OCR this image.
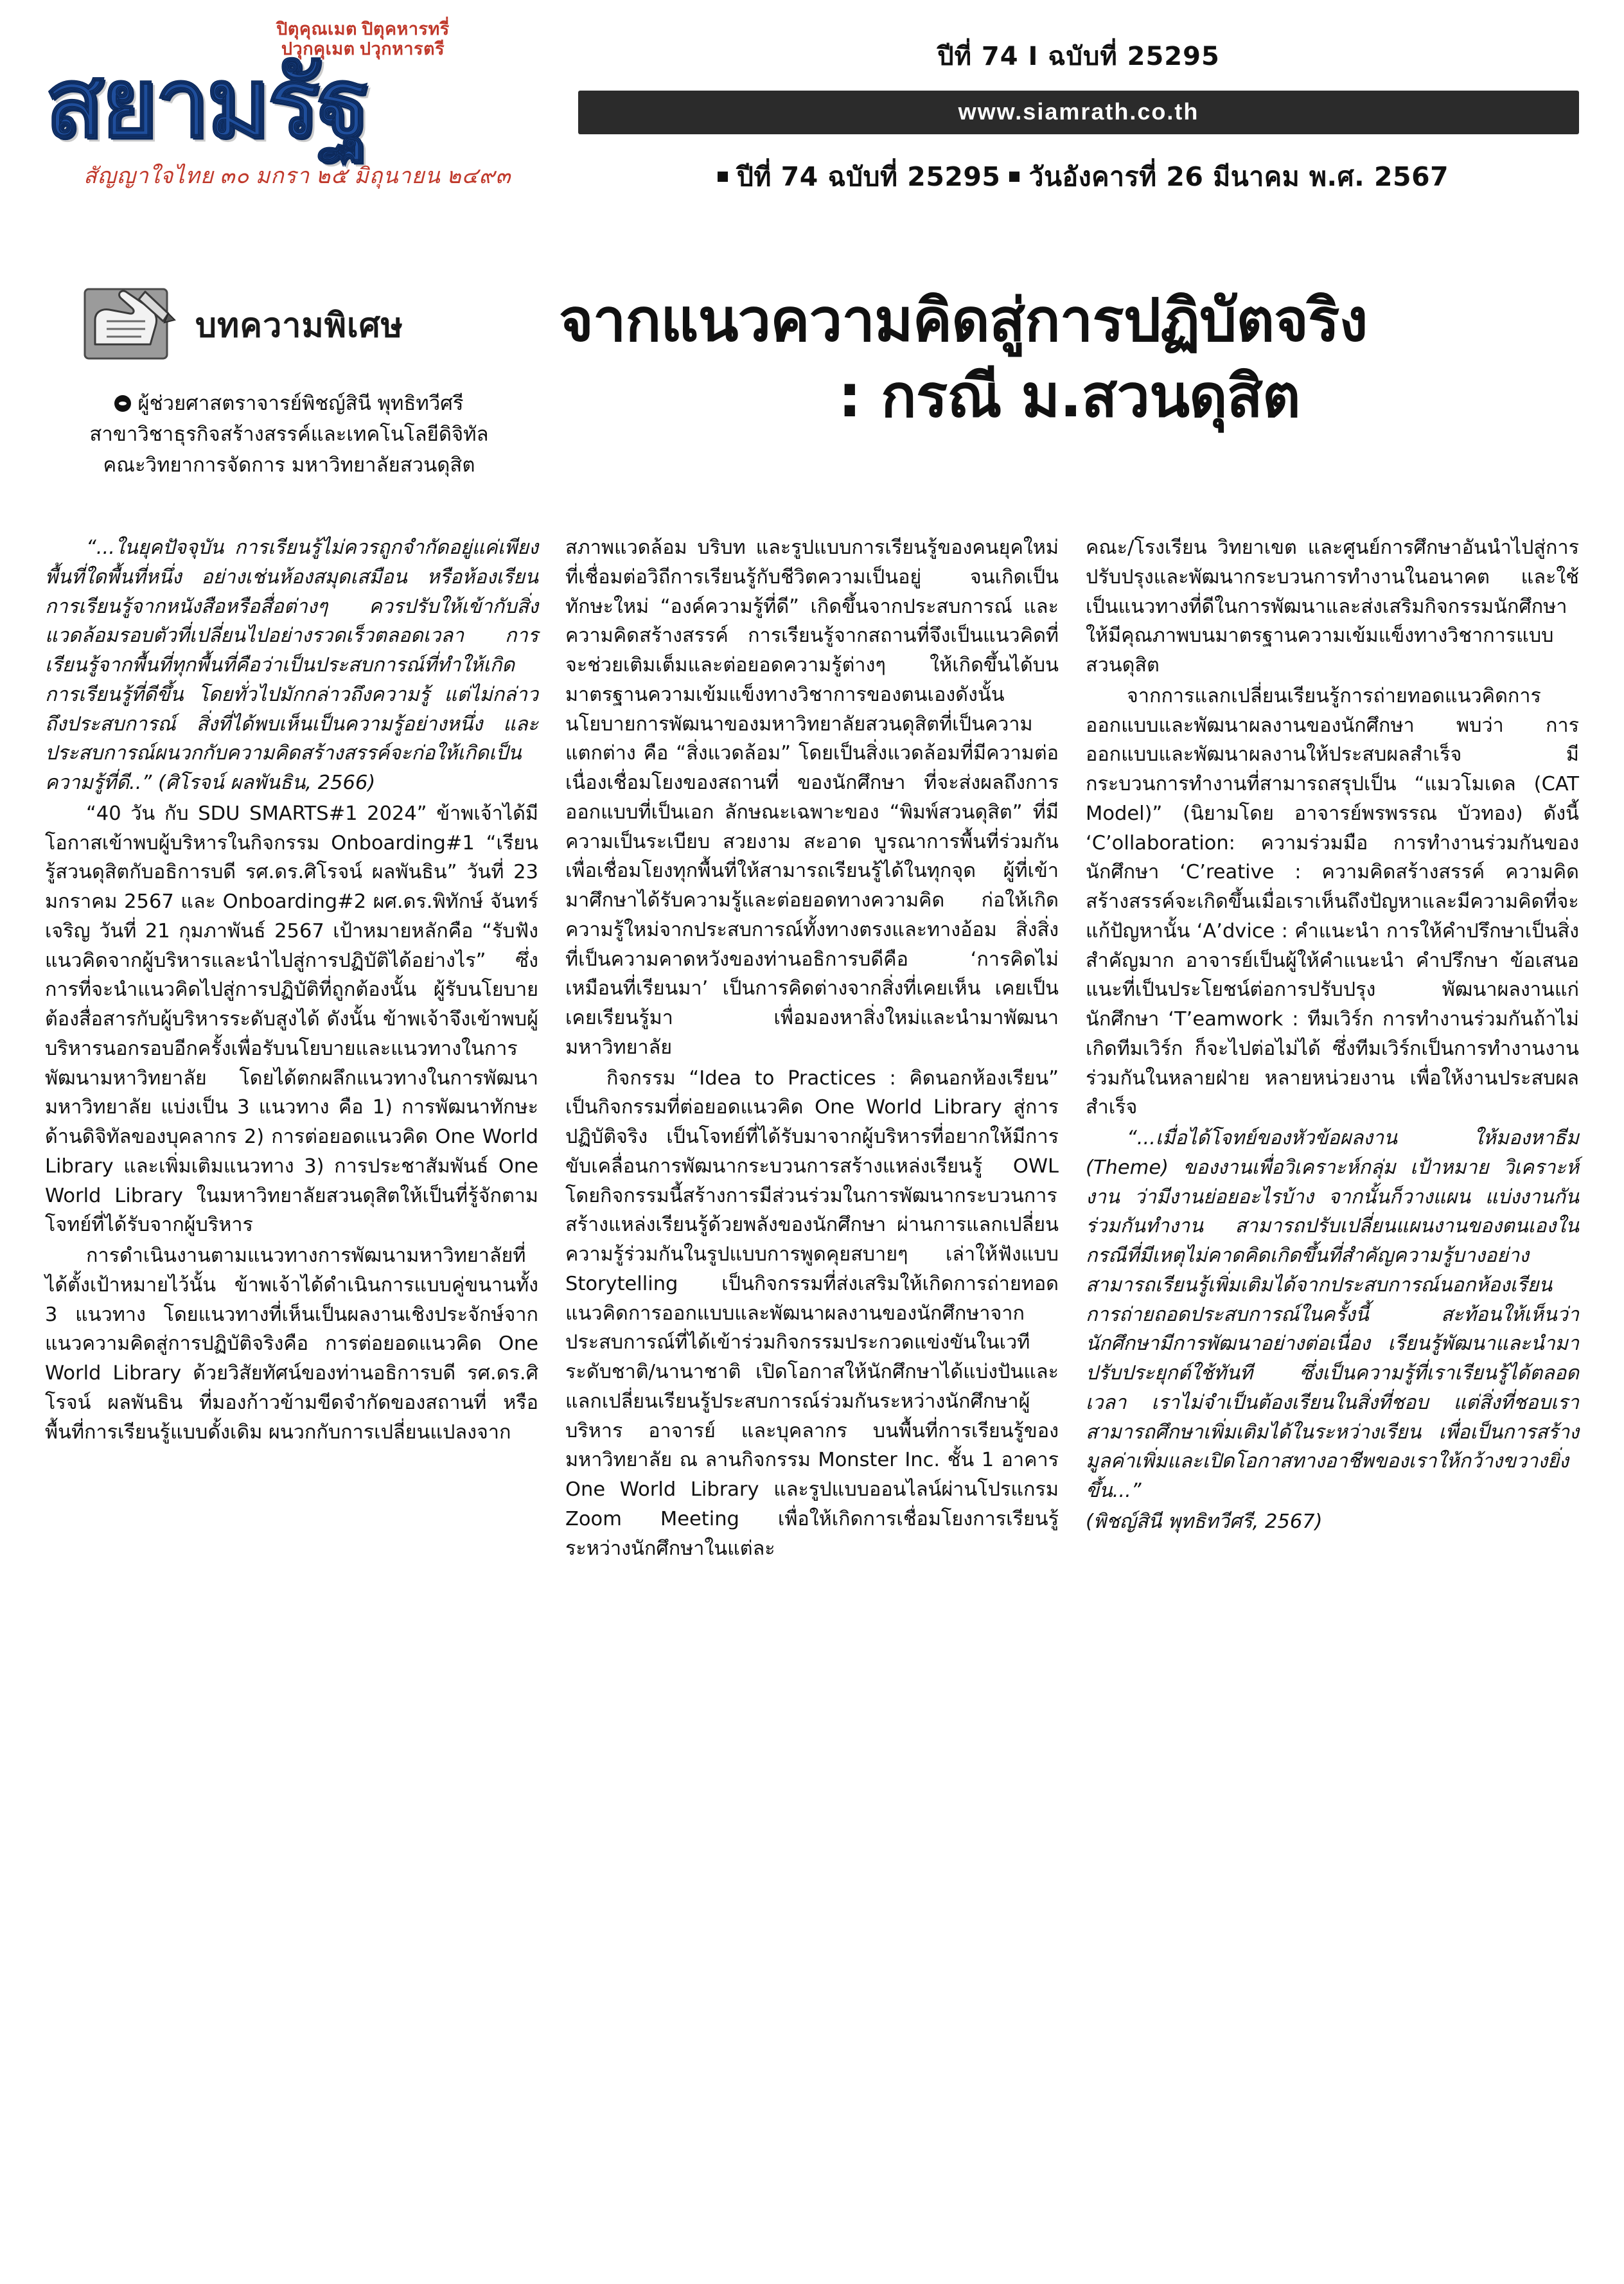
ปิตุคุณเมต ปิตุคหารทรี่
ปวุกคุเมต ปวุกหารตรี
สยามรัฐ
สัญญาใจไทย ๓๐ มกรา ๒๕ มิถุนายน ๒๔๙๓
ปีที่ 74 I ฉบับที่ 25295
www.siamrath.co.th
ปีที่ 74 ฉบับที่ 25295 วันอังคารที่ 26 มีนาคม พ.ศ. 2567
บทความพิเศษ
ผู้ช่วยศาสตราจารย์พิชญ์สินี พุทธิทวีศรี
สาขาวิชาธุรกิจสร้างสรรค์และเทคโนโลยีดิจิทัล
คณะวิทยาการจัดการ มหาวิทยาลัยสวนดุสิต
จากแนวความคิดสู่การปฏิบัตจริง
: กรณี ม.สวนดุสิต

“...ในยุคปัจจุบัน การเรียนรู้ไม่ควรถูกจำกัดอยู่แค่เพียงพื้นที่ใดพื้นที่หนึ่ง อย่างเช่นห้องสมุดเสมือน หรือห้องเรียน การเรียนรู้จากหนังสือหรือสื่อต่างๆ ควรปรับให้เข้ากับสิ่งแวดล้อมรอบตัวที่เปลี่ยนไปอย่างรวดเร็วตลอดเวลา การเรียนรู้จากพื้นที่ทุกพื้นที่คือว่าเป็นประสบการณ์ที่ทำให้เกิดการเรียนรู้ที่ดีขึ้น โดยทั่วไปมักกล่าวถึงความรู้ แต่ไม่กล่าวถึงประสบการณ์ สิ่งที่ได้พบเห็นเป็นความรู้อย่างหนึ่ง และประสบการณ์ผนวกกับความคิดสร้างสรรค์จะก่อให้เกิดเป็นความรู้ที่ดี..” (ศิโรจน์ ผลพันธิน, 2566)

“40 วัน กับ SDU SMARTS#1 2024” ข้าพเจ้าได้มีโอกาสเข้าพบผู้บริหารในกิจกรรม Onboarding#1 “เรียนรู้สวนดุสิตกับอธิการบดี รศ.ดร.ศิโรจน์ ผลพันธิน” วันที่ 23 มกราคม 2567 และ Onboarding#2 ผศ.ดร.พิทักษ์ จันทร์เจริญ วันที่ 21 กุมภาพันธ์ 2567 เป้าหมายหลักคือ “รับฟังแนวคิดจากผู้บริหารและนำไปสู่การปฏิบัติได้อย่างไร” ซึ่งการที่จะนำแนวคิดไปสู่การปฏิบัติที่ถูกต้องนั้น ผู้รับนโยบายต้องสื่อสารกับผู้บริหารระดับสูงได้ ดังนั้น ข้าพเจ้าจึงเข้าพบผู้บริหารนอกรอบอีกครั้งเพื่อรับนโยบายและแนวทางในการพัฒนามหาวิทยาลัย โดยได้ตกผลึกแนวทางในการพัฒนามหาวิทยาลัย แบ่งเป็น 3 แนวทาง คือ 1) การพัฒนาทักษะด้านดิจิทัลของบุคลากร 2) การต่อยอดแนวคิด One World Library และเพิ่มเติมแนวทาง 3) การประชาสัมพันธ์ One World Library ในมหาวิทยาลัยสวนดุสิตให้เป็นที่รู้จักตามโจทย์ที่ได้รับจากผู้บริหาร

การดำเนินงานตามแนวทางการพัฒนามหาวิทยาลัยที่ได้ตั้งเป้าหมายไว้นั้น ข้าพเจ้าได้ดำเนินการแบบคู่ขนานทั้ง 3 แนวทาง โดยแนวทางที่เห็นเป็นผลงานเชิงประจักษ์จากแนวความคิดสู่การปฏิบัติจริงคือ การต่อยอดแนวคิด One World Library ด้วยวิสัยทัศน์ของท่านอธิการบดี รศ.ดร.ศิโรจน์ ผลพันธิน ที่มองก้าวข้ามขีดจำกัดของสถานที่ หรือพื้นที่การเรียนรู้แบบดั้งเดิม ผนวกกับการเปลี่ยนแปลงจาก

สภาพแวดล้อม บริบท และรูปแบบการเรียนรู้ของคนยุคใหม่ ที่เชื่อมต่อวิถีการเรียนรู้กับชีวิตความเป็นอยู่ จนเกิดเป็นทักษะใหม่ “องค์ความรู้ที่ดี” เกิดขึ้นจากประสบการณ์ และความคิดสร้างสรรค์ การเรียนรู้จากสถานที่จึงเป็นแนวคิดที่จะช่วยเติมเต็มและต่อยอดความรู้ต่างๆ ให้เกิดขึ้นได้บนมาตรฐานความเข้มแข็งทางวิชาการของตนเองดังนั้นนโยบายการพัฒนาของมหาวิทยาลัยสวนดุสิตที่เป็นความแตกต่าง คือ “สิ่งแวดล้อม” โดยเป็นสิ่งแวดล้อมที่มีความต่อเนื่องเชื่อมโยงของสถานที่ ของนักศึกษา ที่จะส่งผลถึงการออกแบบที่เป็นเอก ลักษณะเฉพาะของ “พิมพ์สวนดุสิต” ที่มีความเป็นระเบียบ สวยงาม สะอาด บูรณาการพื้นที่ร่วมกันเพื่อเชื่อมโยงทุกพื้นที่ให้สามารถเรียนรู้ได้ในทุกจุด ผู้ที่เข้ามาศึกษาได้รับความรู้และต่อยอดทางความคิด ก่อให้เกิดความรู้ใหม่จากประสบการณ์ทั้งทางตรงและทางอ้อม สิ่งสิ่งที่เป็นความคาดหวังของท่านอธิการบดีคือ ‘การคิดไม่เหมือนที่เรียนมา’ เป็นการคิดต่างจากสิ่งที่เคยเห็น เคยเป็น เคยเรียนรู้มา เพื่อมองหาสิ่งใหม่และนำมาพัฒนามหาวิทยาลัย

กิจกรรม “Idea to Practices : คิดนอกห้องเรียน” เป็นกิจกรรมที่ต่อยอดแนวคิด One World Library สู่การปฏิบัติจริง เป็นโจทย์ที่ได้รับมาจากผู้บริหารที่อยากให้มีการขับเคลื่อนการพัฒนากระบวนการสร้างแหล่งเรียนรู้ OWL โดยกิจกรรมนี้สร้างการมีส่วนร่วมในการพัฒนากระบวนการสร้างแหล่งเรียนรู้ด้วยพลังของนักศึกษา ผ่านการแลกเปลี่ยนความรู้ร่วมกันในรูปแบบการพูดคุยสบายๆ เล่าให้ฟังแบบ Storytelling เป็นกิจกรรมที่ส่งเสริมให้เกิดการถ่ายทอดแนวคิดการออกแบบและพัฒนาผลงานของนักศึกษาจากประสบการณ์ที่ได้เข้าร่วมกิจกรรมประกวดแข่งขันในเวทีระดับชาติ/นานาชาติ เปิดโอกาสให้นักศึกษาได้แบ่งปันและแลกเปลี่ยนเรียนรู้ประสบการณ์ร่วมกันระหว่างนักศึกษาผู้บริหาร อาจารย์ และบุคลากร บนพื้นที่การเรียนรู้ของมหาวิทยาลัย ณ ลานกิจกรรม Monster Inc. ชั้น 1 อาคาร One World Library และรูปแบบออนไลน์ผ่านโปรแกรม Zoom Meeting เพื่อให้เกิดการเชื่อมโยงการเรียนรู้ระหว่างนักศึกษาในแต่ละ

คณะ/โรงเรียน วิทยาเขต และศูนย์การศึกษาอันนำไปสู่การปรับปรุงและพัฒนากระบวนการทำงานในอนาคต และใช้เป็นแนวทางที่ดีในการพัฒนาและส่งเสริมกิจกรรมนักศึกษาให้มีคุณภาพบนมาตรฐานความเข้มแข็งทางวิชาการแบบสวนดุสิต

จากการแลกเปลี่ยนเรียนรู้การถ่ายทอดแนวคิดการออกแบบและพัฒนาผลงานของนักศึกษา พบว่า การออกแบบและพัฒนาผลงานให้ประสบผลสำเร็จ มีกระบวนการทำงานที่สามารถสรุปเป็น “แมวโมเดล (CAT Model)” (นิยามโดย อาจารย์พรพรรณ บัวทอง) ดังนี้ ‘C’ollaboration: ความร่วมมือ การทำงานร่วมกันของนักศึกษา ‘C’reative : ความคิดสร้างสรรค์ ความคิด สร้างสรรค์จะเกิดขึ้นเมื่อเราเห็นถึงปัญหาและมีความคิดที่จะแก้ปัญหานั้น ‘A’dvice : คำแนะนำ การให้คำปรึกษาเป็นสิ่งสำคัญมาก อาจารย์เป็นผู้ให้คำแนะนำ คำปรึกษา ข้อเสนอแนะที่เป็นประโยชน์ต่อการปรับปรุง พัฒนาผลงานแก่นักศึกษา ‘T’eamwork : ทีมเวิร์ก การทำงานร่วมกันถ้าไม่เกิดทีมเวิร์ก ก็จะไปต่อไม่ได้ ซึ่งทีมเวิร์กเป็นการทำงานงานร่วมกันในหลายฝ่าย หลายหน่วยงาน เพื่อให้งานประสบผลสำเร็จ

“...เมื่อได้โจทย์ของหัวข้อผลงาน ให้มองหาธีม (Theme) ของงานเพื่อวิเคราะห์กลุ่ม เป้าหมาย วิเคราะห์งาน ว่ามีงานย่อยอะไรบ้าง จากนั้นก็วางแผน แบ่งงานกัน ร่วมกันทำงาน สามารถปรับเปลี่ยนแผนงานของตนเองในกรณีที่มีเหตุไม่คาดคิดเกิดขึ้นที่สำคัญความรู้บางอย่างสามารถเรียนรู้เพิ่มเติมได้จากประสบการณ์นอกห้องเรียน การถ่ายถอดประสบการณ์ในครั้งนี้ สะท้อนให้เห็นว่านักศึกษามีการพัฒนาอย่างต่อเนื่อง เรียนรู้พัฒนาและนำมาปรับประยุกต์ใช้ทันที ซึ่งเป็นความรู้ที่เราเรียนรู้ได้ตลอดเวลา เราไม่จำเป็นต้องเรียนในสิ่งที่ชอบ แต่สิ่งที่ชอบเราสามารถศึกษาเพิ่มเติมได้ในระหว่างเรียน เพื่อเป็นการสร้างมูลค่าเพิ่มและเปิดโอกาสทางอาชีพของเราให้กว้างขวางยิ่งขึ้น...”

(พิชญ์สินี พุทธิทวีศรี, 2567)
